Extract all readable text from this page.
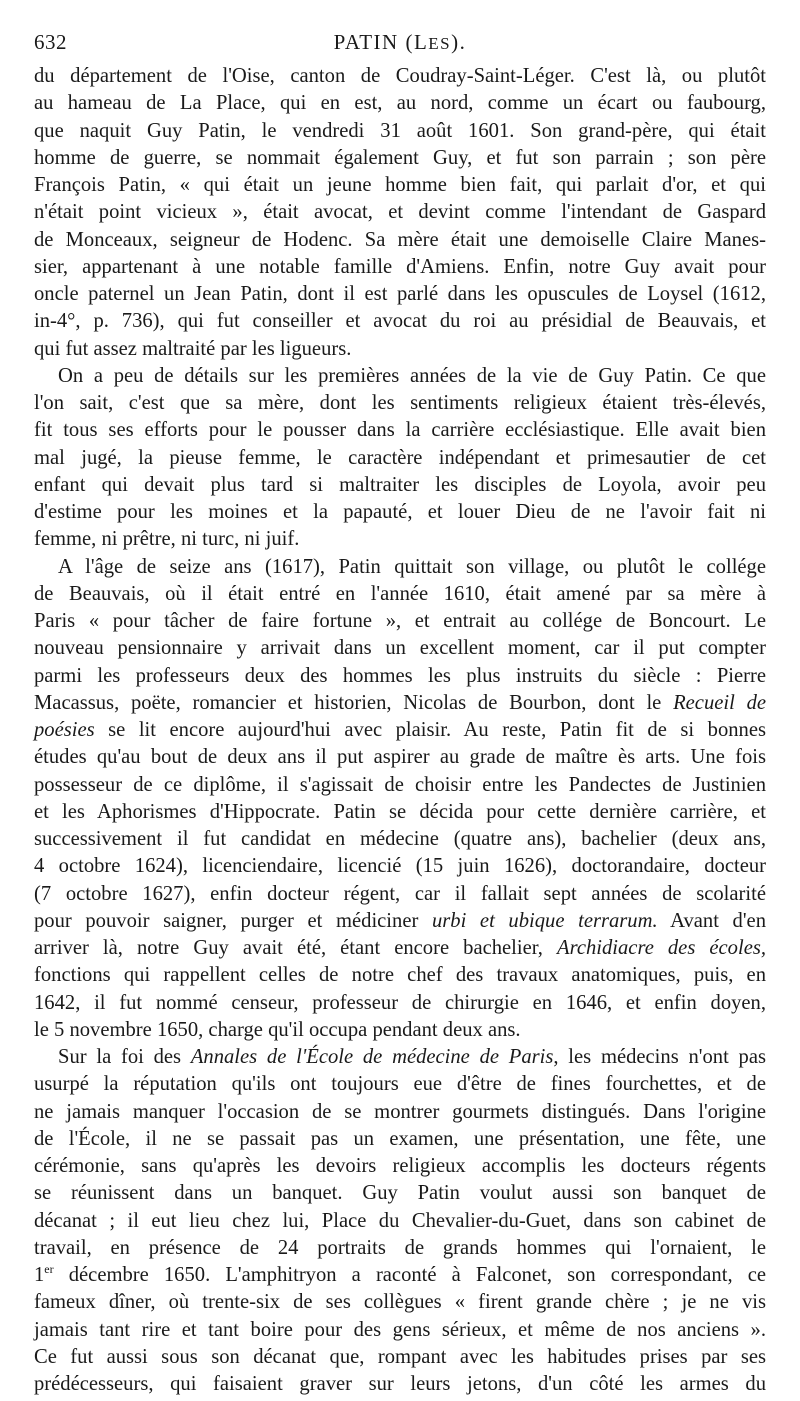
632	PATIN (LES).
du département de l'Oise, canton de Coudray-Saint-Léger. C'est là, ou plutôt
au hameau de La Place, qui en est, au nord, comme un écart ou faubourg,
que naquit Guy Patin, le vendredi 31 août 1601. Son grand-père, qui était
homme de guerre, se nommait également Guy, et fut son parrain ; son père
François Patin, « qui était un jeune homme bien fait, qui parlait d'or, et qui
n'était point vicieux », était avocat, et devint comme l'intendant de Gaspard
de Monceaux, seigneur de Hodenc. Sa mère était une demoiselle Claire Manes-
sier, appartenant à une notable famille d'Amiens. Enfin, notre Guy avait pour
oncle paternel un Jean Patin, dont il est parlé dans les opuscules de Loysel (1612,
in-4°, p. 736), qui fut conseiller et avocat du roi au présidial de Beauvais, et
qui fut assez maltraité par les ligueurs.
On a peu de détails sur les premières années de la vie de Guy Patin. Ce que
l'on sait, c'est que sa mère, dont les sentiments religieux étaient très-élevés,
fit tous ses efforts pour le pousser dans la carrière ecclésiastique. Elle avait bien
mal jugé, la pieuse femme, le caractère indépendant et primesautier de cet
enfant qui devait plus tard si maltraiter les disciples de Loyola, avoir peu
d'estime pour les moines et la papauté, et louer Dieu de ne l'avoir fait ni
femme, ni prêtre, ni turc, ni juif.
A l'âge de seize ans (1617), Patin quittait son village, ou plutôt le collége
de Beauvais, où il était entré en l'année 1610, était amené par sa mère à
Paris « pour tâcher de faire fortune », et entrait au collége de Boncourt. Le
nouveau pensionnaire y arrivait dans un excellent moment, car il put compter
parmi les professeurs deux des hommes les plus instruits du siècle : Pierre
Macassus, poëte, romancier et historien, Nicolas de Bourbon, dont le Recueil de
poésies se lit encore aujourd'hui avec plaisir. Au reste, Patin fit de si bonnes
études qu'au bout de deux ans il put aspirer au grade de maître ès arts. Une fois
possesseur de ce diplôme, il s'agissait de choisir entre les Pandectes de Justinien
et les Aphorismes d'Hippocrate. Patin se décida pour cette dernière carrière, et
successivement il fut candidat en médecine (quatre ans), bachelier (deux ans,
4 octobre 1624), licenciendaire, licencié (15 juin 1626), doctorandaire, docteur
(7 octobre 1627), enfin docteur régent, car il fallait sept années de scolarité
pour pouvoir saigner, purger et médiciner urbi et ubique terrarum. Avant d'en
arriver là, notre Guy avait été, étant encore bachelier, Archidiacre des écoles,
fonctions qui rappellent celles de notre chef des travaux anatomiques, puis, en
1642, il fut nommé censeur, professeur de chirurgie en 1646, et enfin doyen,
le 5 novembre 1650, charge qu'il occupa pendant deux ans.
Sur la foi des Annales de l'École de médecine de Paris, les médecins n'ont pas
usurpé la réputation qu'ils ont toujours eue d'être de fines fourchettes, et de
ne jamais manquer l'occasion de se montrer gourmets distingués. Dans l'origine
de l'École, il ne se passait pas un examen, une présentation, une fête, une
cérémonie, sans qu'après les devoirs religieux accomplis les docteurs régents
se réunissent dans un banquet. Guy Patin voulut aussi son banquet de
décanat ; il eut lieu chez lui, Place du Chevalier-du-Guet, dans son cabinet de
travail, en présence de 24 portraits de grands hommes qui l'ornaient, le
1er décembre 1650. L'amphitryon a raconté à Falconet, son correspondant, ce
fameux dîner, où trente-six de ses collègues « firent grande chère ; je ne vis
jamais tant rire et tant boire pour des gens sérieux, et même de nos anciens ».
Ce fut aussi sous son décanat que, rompant avec les habitudes prises par ses
prédécesseurs, qui faisaient graver sur leurs jetons, d'un côté les armes du
